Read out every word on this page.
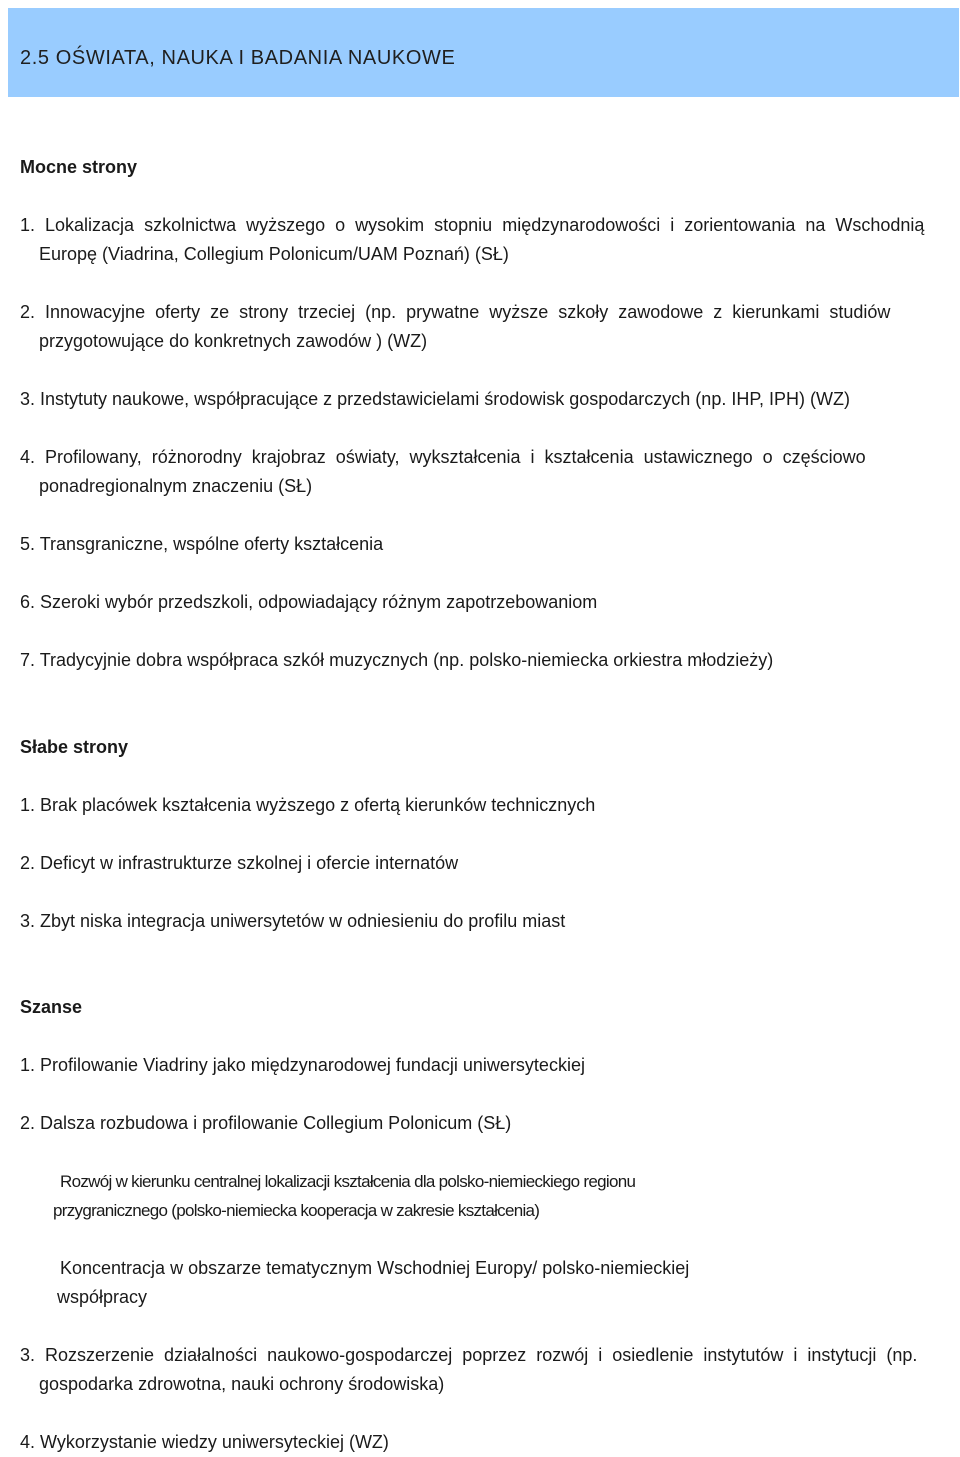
2.5 OŚWIATA, NAUKA I BADANIA NAUKOWE
Mocne strony
1.  Lokalizacja  szkolnictwa  wyższego  o  wysokim  stopniu  międzynarodowości  i  zorientowania  na  Wschodnią
Europę (Viadrina, Collegium Polonicum/UAM Poznań) (SŁ)
2.  Innowacyjne  oferty  ze  strony  trzeciej  (np.  prywatne  wyższe  szkoły  zawodowe  z  kierunkami  studiów
przygotowujące do konkretnych zawodów ) (WZ)
3. Instytuty naukowe, współpracujące z przedstawicielami środowisk gospodarczych (np. IHP, IPH) (WZ)
4.  Profilowany,  różnorodny  krajobraz  oświaty,  wykształcenia  i  kształcenia  ustawicznego  o  częściowo
ponadregionalnym znaczeniu (SŁ)
5. Transgraniczne, wspólne oferty kształcenia
6. Szeroki wybór przedszkoli, odpowiadający różnym zapotrzebowaniom
7. Tradycyjnie dobra współpraca szkół muzycznych (np. polsko-niemiecka orkiestra młodzieży)
Słabe strony
1. Brak placówek kształcenia wyższego z ofertą kierunków technicznych
2. Deficyt w infrastrukturze szkolnej i ofercie internatów
3. Zbyt niska integracja uniwersytetów w odniesieniu do profilu miast
Szanse
1. Profilowanie Viadriny jako międzynarodowej fundacji uniwersyteckiej
2. Dalsza rozbudowa i profilowanie Collegium Polonicum (SŁ)
Rozwój w kierunku centralnej lokalizacji kształcenia dla polsko-niemieckiego regionu
przygranicznego (polsko-niemiecka kooperacja w zakresie kształcenia)
Koncentracja w obszarze tematycznym Wschodniej Europy/ polsko-niemieckiej
współpracy
3.  Rozszerzenie  działalności  naukowo-gospodarczej  poprzez  rozwój  i  osiedlenie  instytutów  i  instytucji  (np.
gospodarka zdrowotna, nauki ochrony środowiska)
4. Wykorzystanie wiedzy uniwersyteckiej (WZ)
